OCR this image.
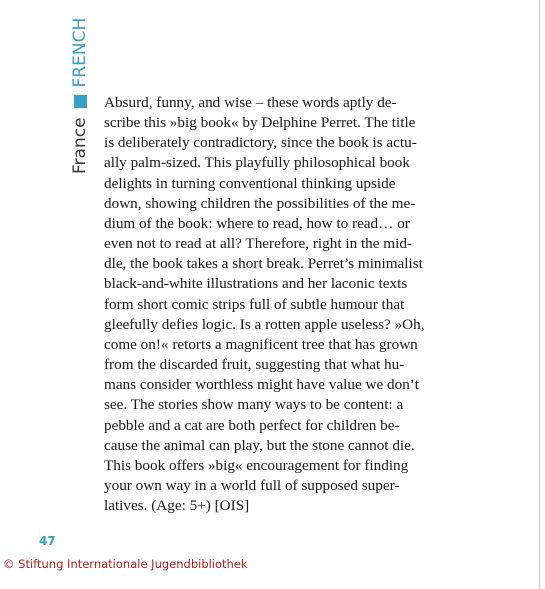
France
FRENCH

Absurd, funny, and wise – these words aptly de-
scribe this »big book« by Delphine Perret. The title
is deliberately contradictory, since the book is actu-
ally palm-sized. This playfully philosophical book
delights in turning conventional thinking upside
down, showing children the possibilities of the me-
dium of the book: where to read, how to read… or
even not to read at all? Therefore, right in the mid-
dle, the book takes a short break. Perret’s minimalist
black-and-white illustrations and her laconic texts
form short comic strips full of subtle humour that
gleefully defies logic. Is a rotten apple useless? »Oh,
come on!« retorts a magnificent tree that has grown
from the discarded fruit, suggesting that what hu-
mans consider worthless might have value we don’t
see. The stories show many ways to be content: a
pebble and a cat are both perfect for children be-
cause the animal can play, but the stone cannot die.
This book offers »big« encouragement for finding
your own way in a world full of supposed super-
latives. (Age: 5+) [OIS]

47
© Stiftung Internationale Jugendbibliothek
